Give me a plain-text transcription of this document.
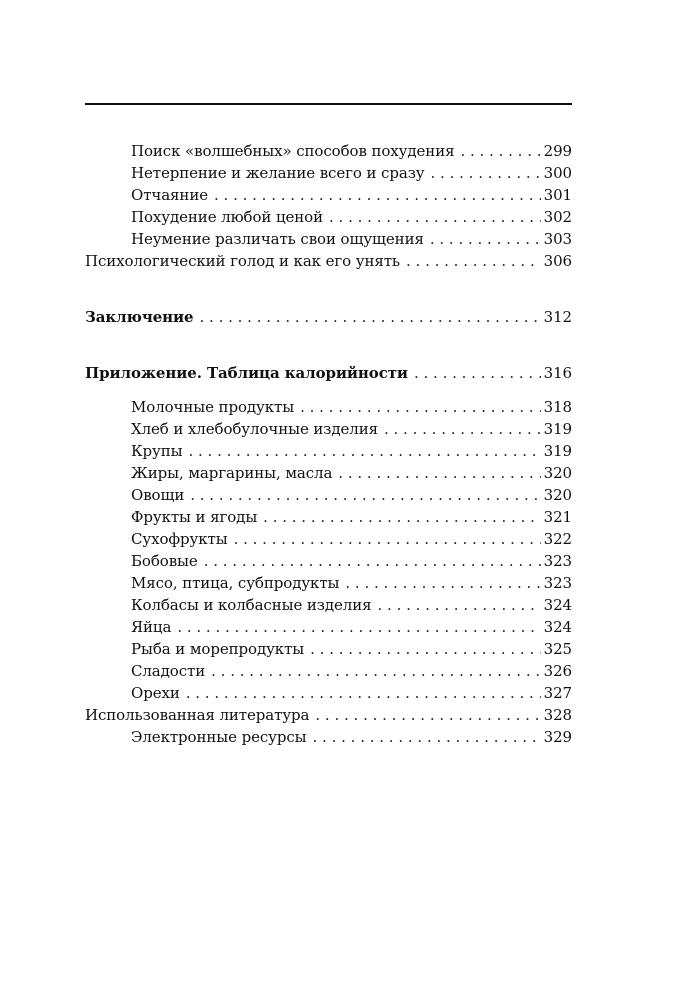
Поиск «волшебных» способов похудения . . .	299
Нетерпение и желание всего и сразу . . .	300
Отчаяние . . .	301
Похудение любой ценой . . .	302
Неумение различать свои ощущения . . .	303
Психологический голод и как его унять . . .	306
Заключение . . .	312
Приложение. Таблица калорийности . . .	316
Молочные продукты . . .	318
Хлеб и хлебобулочные изделия . . .	319
Крупы . . .	319
Жиры, маргарины, масла . . .	320
Овощи . . .	320
Фрукты и ягоды . . .	321
Сухофрукты . . .	322
Бобовые . . .	323
Мясо, птица, субпродукты . . .	323
Колбасы и колбасные изделия . . .	324
Яйца . . .	324
Рыба и морепродукты . . .	325
Сладости . . .	326
Орехи . . .	327
Использованная литература . . .	328
Электронные ресурсы . . .	329
